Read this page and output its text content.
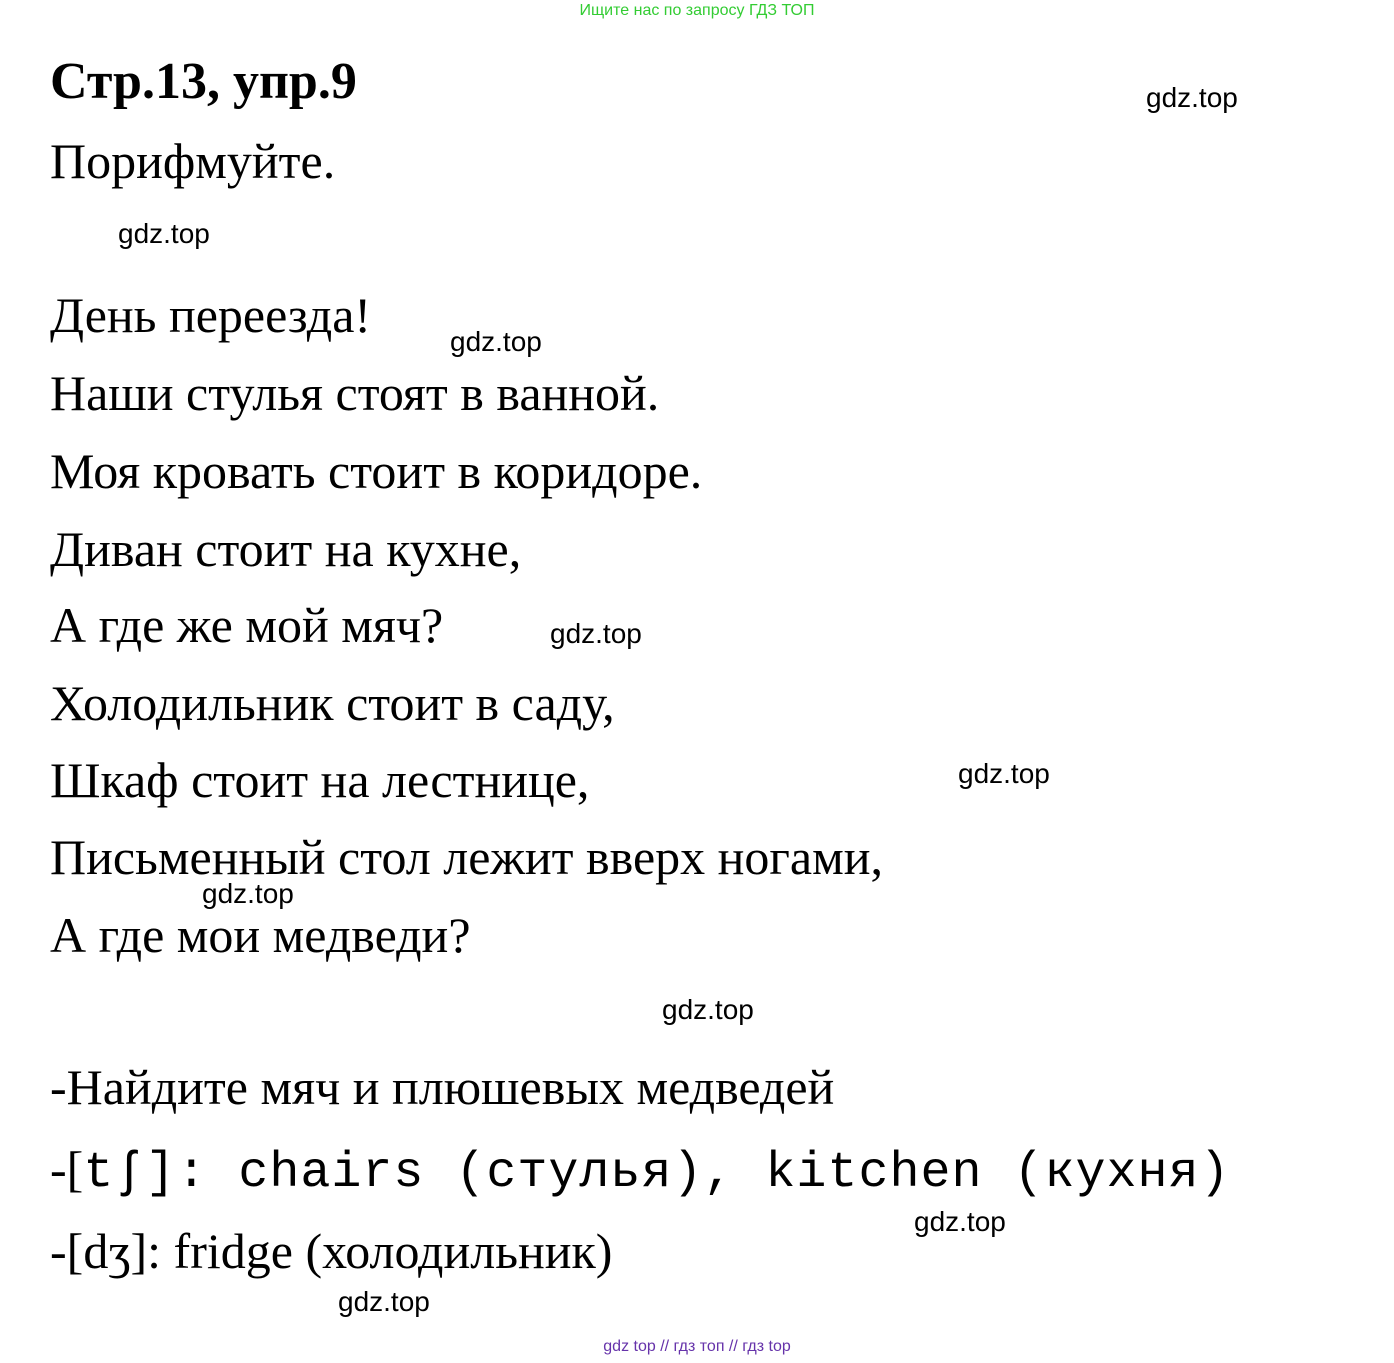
Ищите нас по запросу ГДЗ ТОП
Стр.13, упр.9
Порифмуйте.
День переезда!
Наши стулья стоят в ванной.
Моя кровать стоит в коридоре.
Диван стоит на кухне,
А где же мой мяч?
Холодильник стоит в саду,
Шкаф стоит на лестнице,
Письменный стол лежит вверх ногами,
А где мои медведи?
-Найдите мяч и плюшевых медведей
-[tʃ]: chairs (стулья), kitchen (кухня)
-[dʒ]: fridge (холодильник)
gdz.top
gdz.top
gdz.top
gdz.top
gdz.top
gdz.top
gdz.top
gdz.top
gdz.top
gdz top // гдз топ // гдз top
